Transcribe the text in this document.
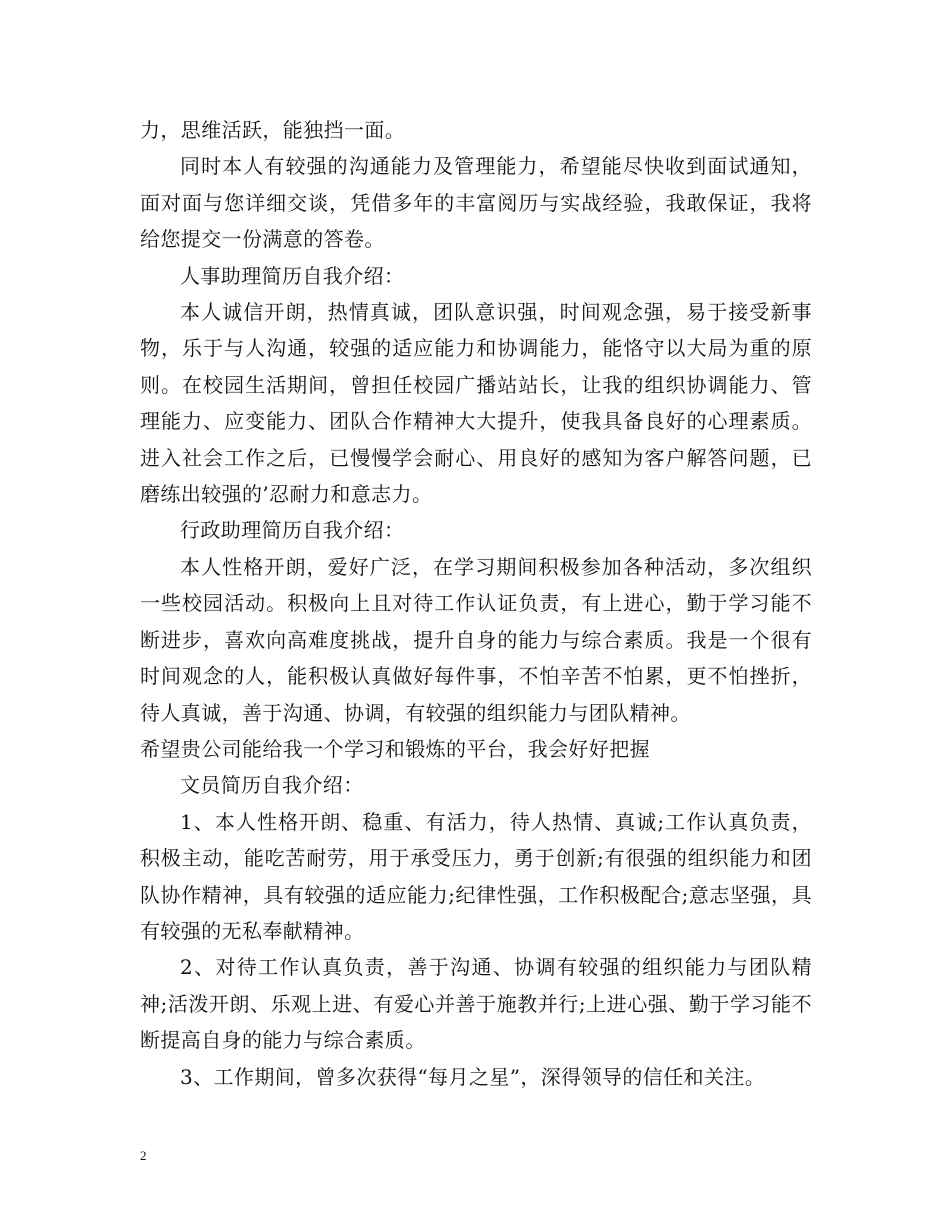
力，思维活跃，能独挡一面。

同时本人有较强的沟通能力及管理能力，希望能尽快收到面试通知，面对面与您详细交谈，凭借多年的丰富阅历与实战经验，我敢保证，我将给您提交一份满意的答卷。

人事助理简历自我介绍：

本人诚信开朗，热情真诚，团队意识强，时间观念强，易于接受新事物，乐于与人沟通，较强的适应能力和协调能力，能恪守以大局为重的原则。在校园生活期间，曾担任校园广播站站长，让我的组织协调能力、管理能力、应变能力、团队合作精神大大提升，使我具备良好的心理素质。进入社会工作之后，已慢慢学会耐心、用良好的感知为客户解答问题，已磨练出较强的’忍耐力和意志力。

行政助理简历自我介绍：

本人性格开朗，爱好广泛，在学习期间积极参加各种活动，多次组织一些校园活动。积极向上且对待工作认证负责，有上进心，勤于学习能不断进步，喜欢向高难度挑战，提升自身的能力与综合素质。我是一个很有时间观念的人，能积极认真做好每件事，不怕辛苦不怕累，更不怕挫折，待人真诚，善于沟通、协调，有较强的组织能力与团队精神。

希望贵公司能给我一个学习和锻炼的平台，我会好好把握

文员简历自我介绍：

1、本人性格开朗、稳重、有活力，待人热情、真诚;工作认真负责，积极主动，能吃苦耐劳，用于承受压力，勇于创新;有很强的组织能力和团队协作精神，具有较强的适应能力;纪律性强，工作积极配合;意志坚强，具有较强的无私奉献精神。

2、对待工作认真负责，善于沟通、协调有较强的组织能力与团队精神;活泼开朗、乐观上进、有爱心并善于施教并行;上进心强、勤于学习能不断提高自身的能力与综合素质。

3、工作期间，曾多次获得“每月之星”，深得领导的信任和关注。

2
